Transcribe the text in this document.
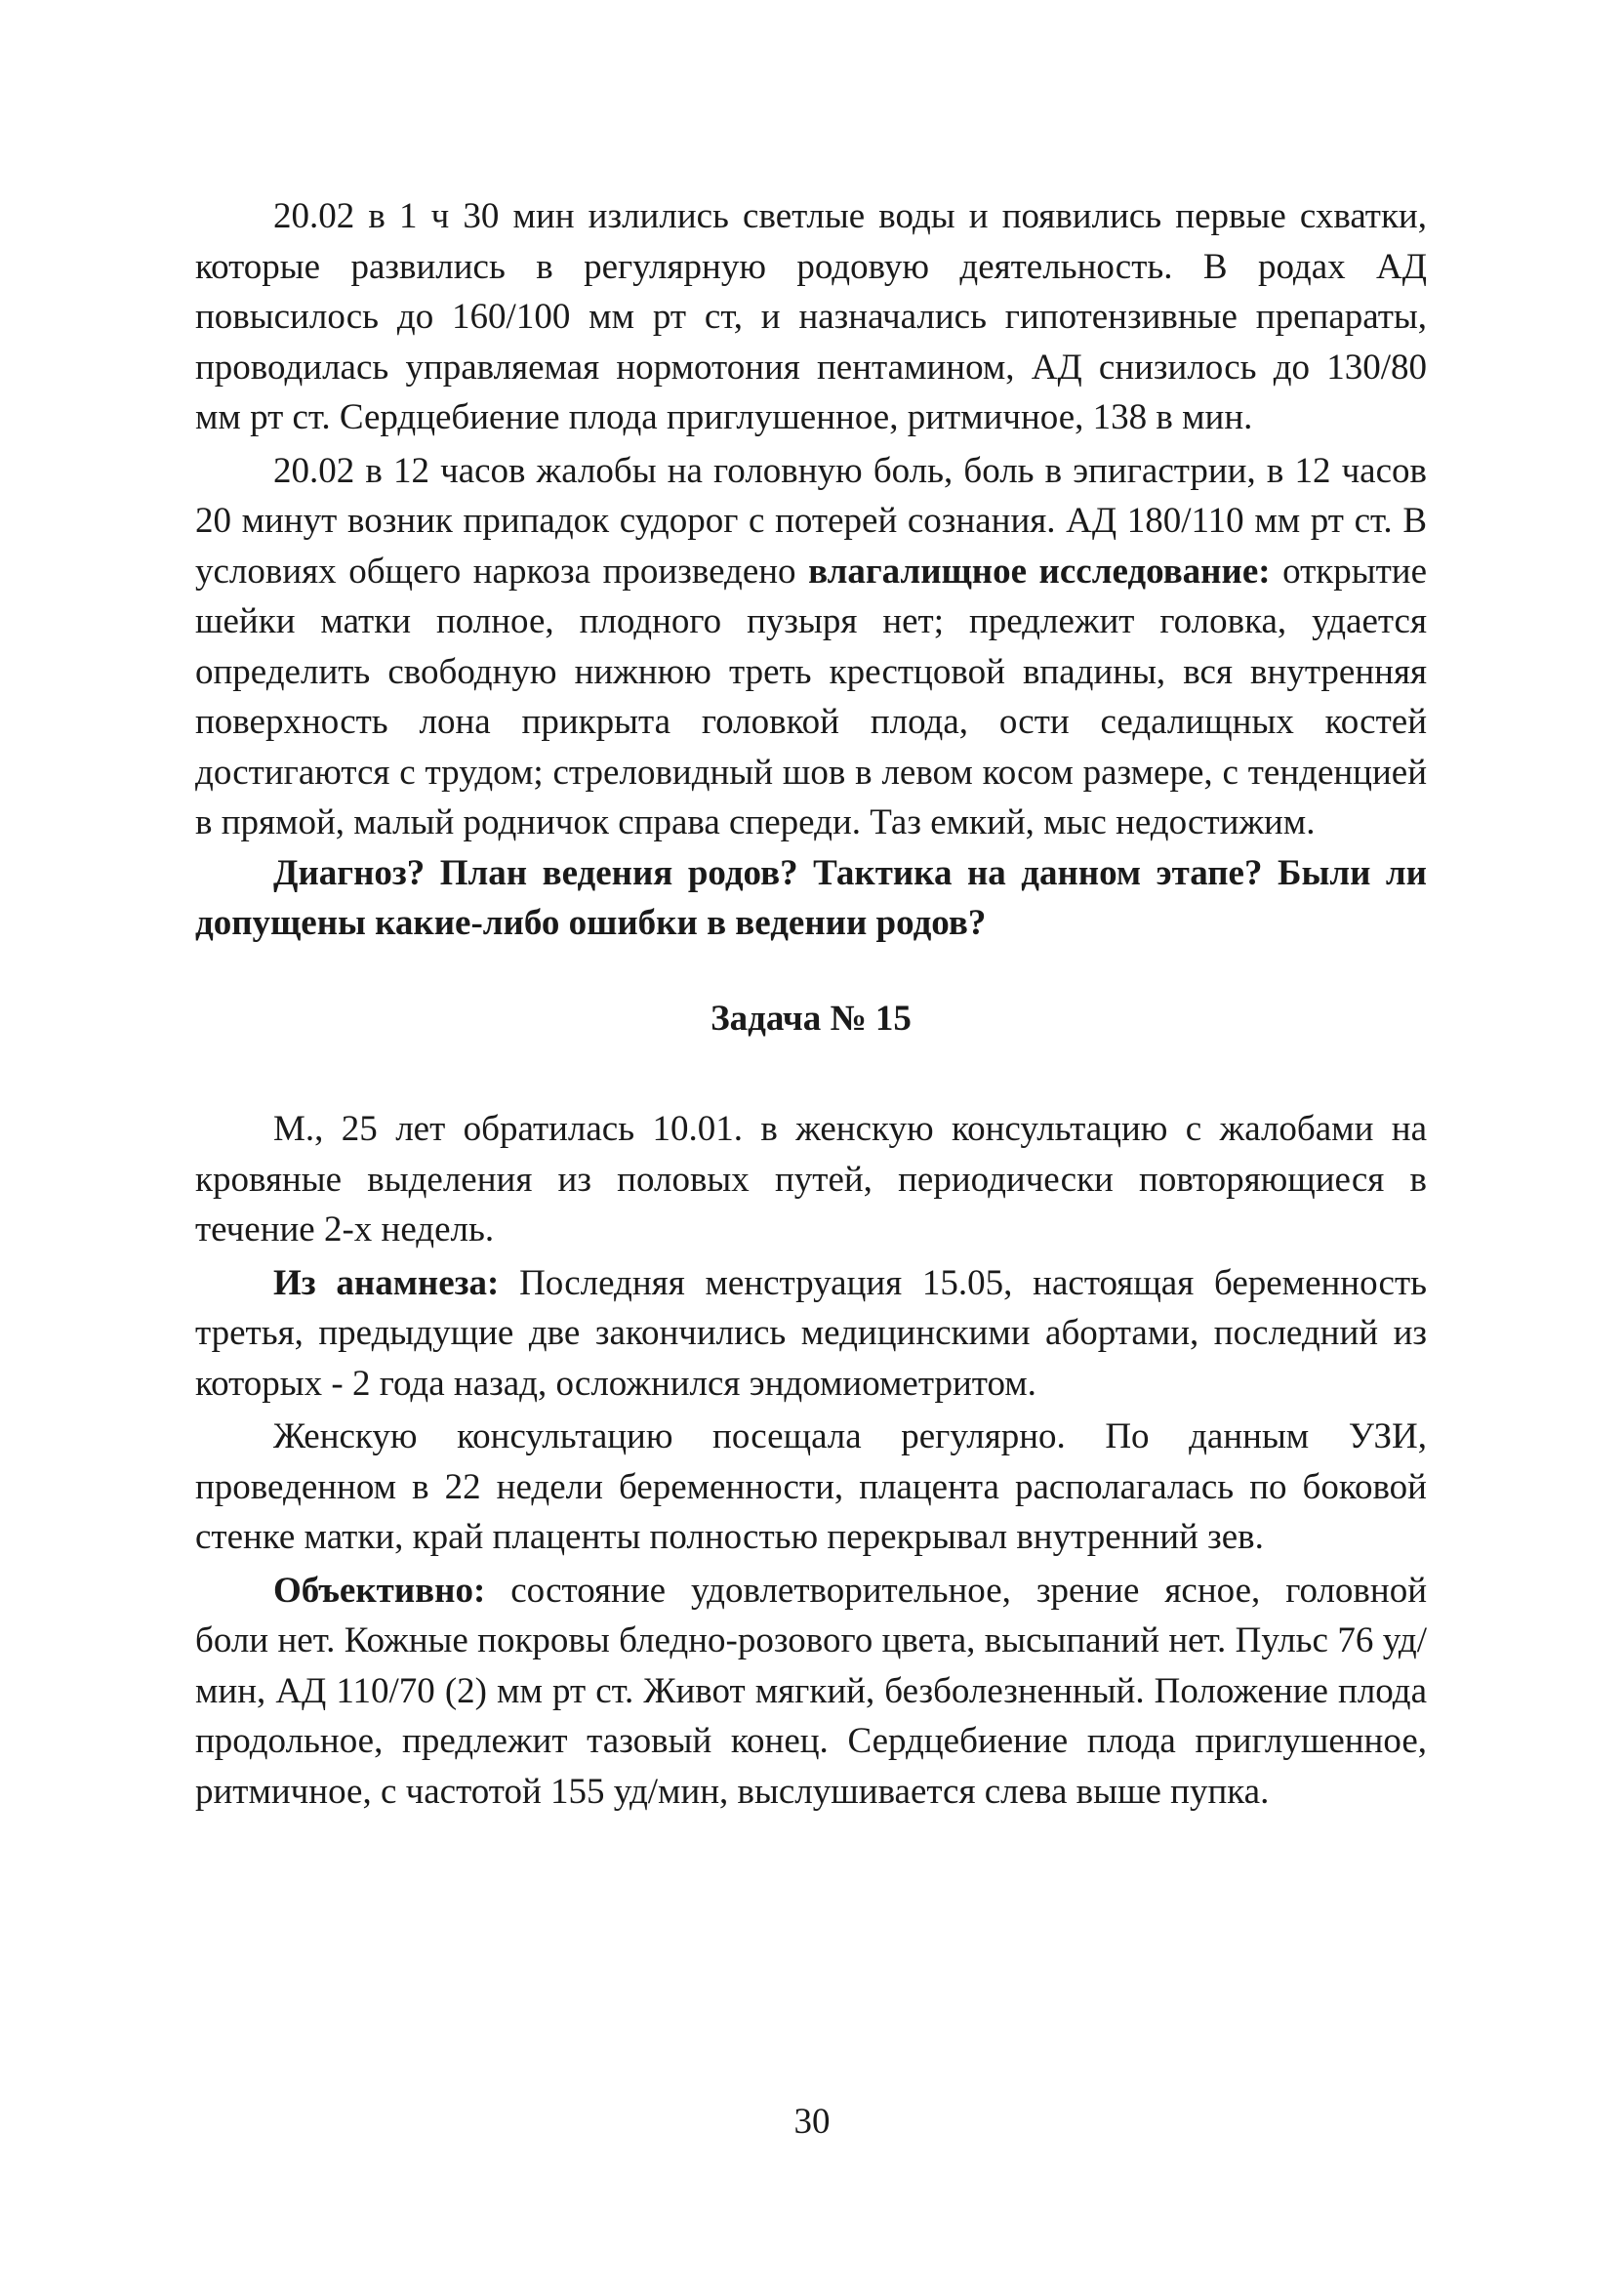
20.02 в 1 ч 30 мин излились светлые воды и появились первые схватки, которые развились в регулярную родовую деятельность. В родах АД повысилось до 160/100 мм рт ст, и назначались гипотензивные препараты, проводилась управляемая нормотония пентамином, АД снизилось до 130/80 мм рт ст. Сердцебиение плода приглушенное, ритмичное, 138 в мин.

20.02 в 12 часов жалобы на головную боль, боль в эпигастрии, в 12 часов 20 минут возник припадок судорог с потерей сознания. АД 180/110 мм рт ст. В условиях общего наркоза произведено влагалищное исследование: открытие шейки матки полное, плодного пузыря нет; предлежит головка, удается определить свободную нижнюю треть крестцовой впадины, вся внутренняя поверхность лона прикрыта головкой плода, ости седалищных костей достигаются с трудом; стреловидный шов в левом косом размере, с тенденцией в прямой, малый родничок справа спереди. Таз емкий, мыс недостижим.

Диагноз? План ведения родов? Тактика на данном этапе? Были ли допущены какие-либо ошибки в ведении родов?

Задача № 15

М., 25 лет обратилась 10.01. в женскую консультацию с жалобами на кровяные выделения из половых путей, периодически повторяющиеся в течение 2-х недель.

Из анамнеза: Последняя менструация 15.05, настоящая беременность третья, предыдущие две закончились медицинскими абортами, последний из которых - 2 года назад, осложнился эндомиометритом.

Женскую консультацию посещала регулярно. По данным УЗИ, проведенном в 22 недели беременности, плацента располагалась по боковой стенке матки, край плаценты полностью перекрывал внутренний зев.

Объективно: состояние удовлетворительное, зрение ясное, головной боли нет. Кожные покровы бледно-розового цвета, высыпаний нет. Пульс 76 уд/мин, АД 110/70 (2) мм рт ст. Живот мягкий, безболезненный. Положение плода продольное, предлежит тазовый конец. Сердцебиение плода приглушенное, ритмичное, с частотой 155 уд/мин, выслушивается слева выше пупка.

30
